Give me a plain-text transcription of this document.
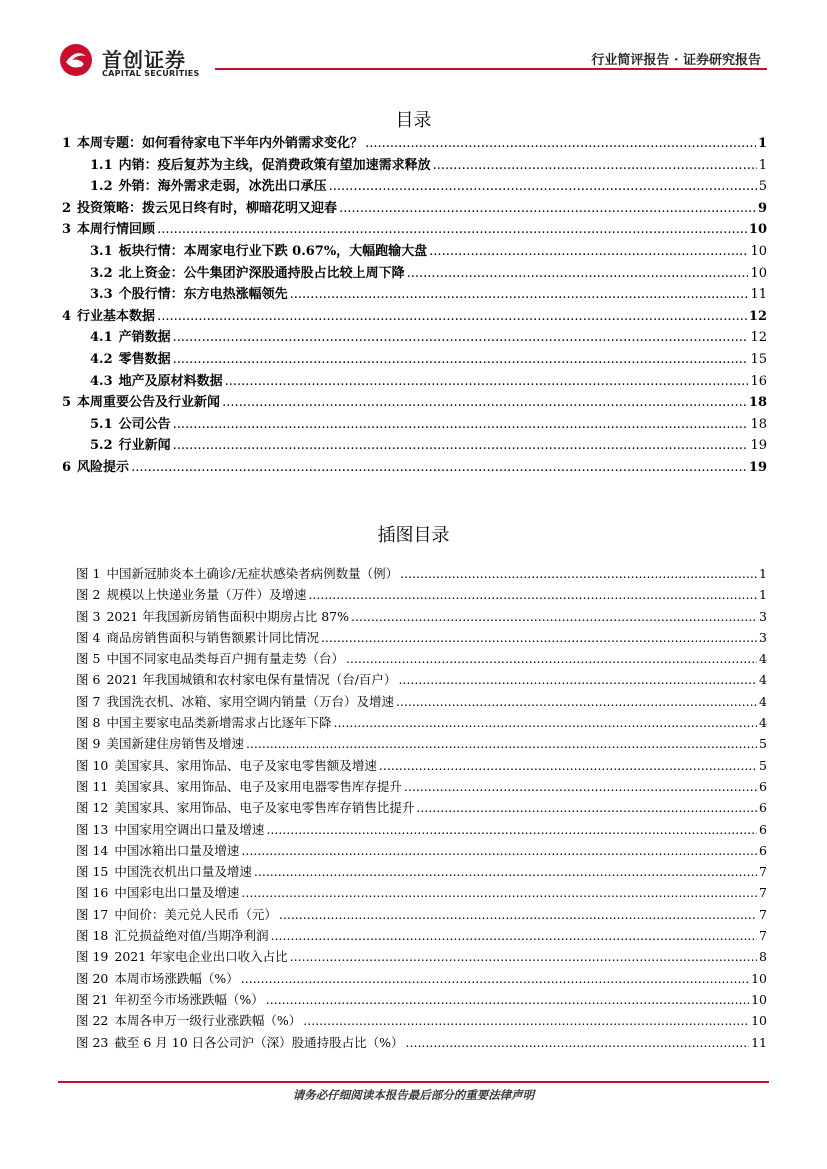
首创证券
CAPITAL SECURITIES
行业简评报告 · 证券研究报告
目录
1 本周专题：如何看待家电下半年内外销需求变化？ .....	1
1.1 内销：疫后复苏为主线，促消费政策有望加速需求释放 .....	1
1.2 外销：海外需求走弱，冰洗出口承压 .....	5
2 投资策略：拨云见日终有时，柳暗花明又迎春 .....	9
3 本周行情回顾 .....	10
3.1 板块行情：本周家电行业下跌 0.67%，大幅跑输大盘 .....	10
3.2 北上资金：公牛集团沪深股通持股占比较上周下降 .....	10
3.3 个股行情：东方电热涨幅领先 .....	11
4 行业基本数据 .....	12
4.1 产销数据 .....	12
4.2 零售数据 .....	15
4.3 地产及原材料数据 .....	16
5 本周重要公告及行业新闻 .....	18
5.1 公司公告 .....	18
5.2 行业新闻 .....	19
6 风险提示 .....	19
插图目录
图 1 中国新冠肺炎本土确诊/无症状感染者病例数量（例） .....	1
图 2 规模以上快递业务量（万件）及增速 .....	1
图 3 2021 年我国新房销售面积中期房占比 87% .....	3
图 4 商品房销售面积与销售额累计同比情况 .....	3
图 5 中国不同家电品类每百户拥有量走势（台） .....	4
图 6 2021 年我国城镇和农村家电保有量情况（台/百户） .....	4
图 7 我国洗衣机、冰箱、家用空调内销量（万台）及增速 .....	4
图 8 中国主要家电品类新增需求占比逐年下降 .....	4
图 9 美国新建住房销售及增速 .....	5
图 10 美国家具、家用饰品、电子及家电零售额及增速 .....	5
图 11 美国家具、家用饰品、电子及家用电器零售库存提升 .....	6
图 12 美国家具、家用饰品、电子及家电零售库存销售比提升 .....	6
图 13 中国家用空调出口量及增速 .....	6
图 14 中国冰箱出口量及增速 .....	6
图 15 中国洗衣机出口量及增速 .....	7
图 16 中国彩电出口量及增速 .....	7
图 17 中间价：美元兑人民币（元） .....	7
图 18 汇兑损益绝对值/当期净利润 .....	7
图 19 2021 年家电企业出口收入占比 .....	8
图 20 本周市场涨跌幅（%） .....	10
图 21 年初至今市场涨跌幅（%） .....	10
图 22 本周各申万一级行业涨跌幅（%） .....	10
图 23 截至 6 月 10 日各公司沪（深）股通持股占比（%） .....	11
请务必仔细阅读本报告最后部分的重要法律声明
